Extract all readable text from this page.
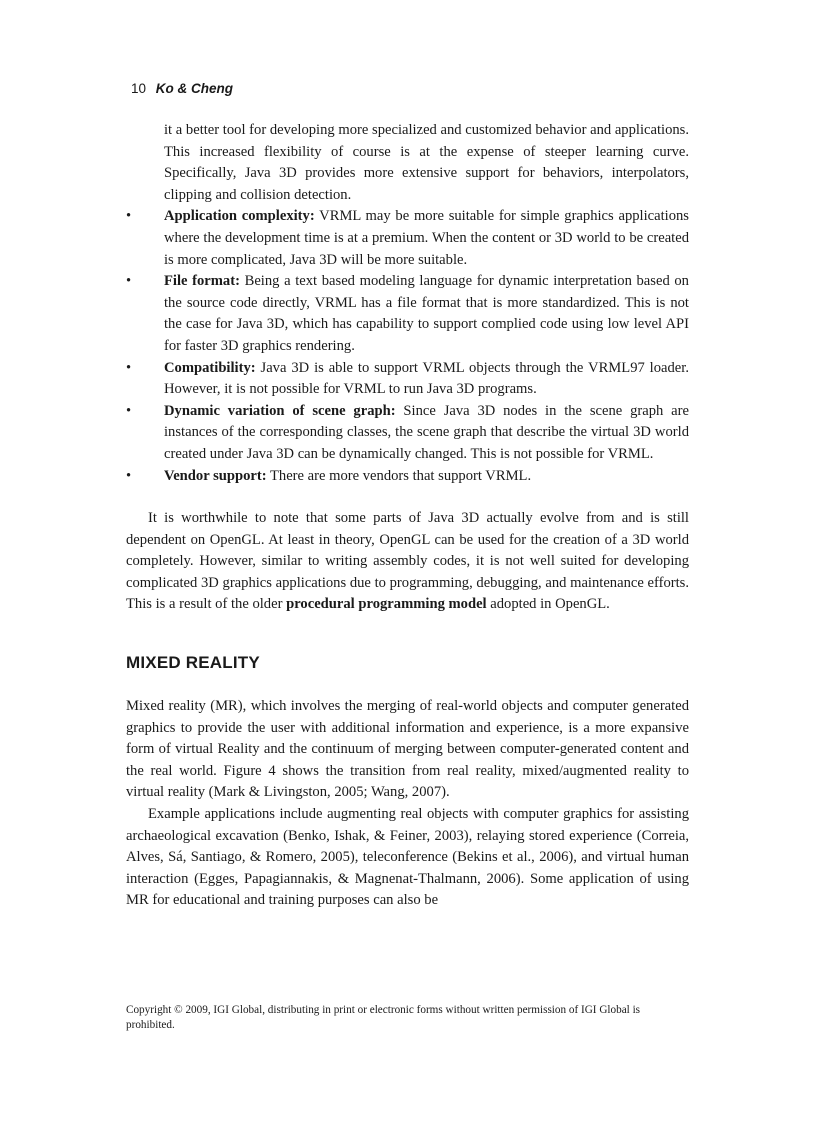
10 Ko & Cheng
it a better tool for developing more specialized and customized behavior and applications. This increased flexibility of course is at the expense of steeper learning curve. Specifically, Java 3D provides more extensive support for behaviors, interpolators, clipping and collision detection.
•	Application complexity: VRML may be more suitable for simple graphics applications where the development time is at a premium. When the content or 3D world to be created is more complicated, Java 3D will be more suitable.
•	File format: Being a text based modeling language for dynamic interpretation based on the source code directly, VRML has a file format that is more standardized. This is not the case for Java 3D, which has capability to support complied code using low level API for faster 3D graphics rendering.
•	Compatibility: Java 3D is able to support VRML objects through the VRML97 loader. However, it is not possible for VRML to run Java 3D programs.
•	Dynamic variation of scene graph: Since Java 3D nodes in the scene graph are instances of the corresponding classes, the scene graph that describe the virtual 3D world created under Java 3D can be dynamically changed. This is not possible for VRML.
•	Vendor support: There are more vendors that support VRML.

It is worthwhile to note that some parts of Java 3D actually evolve from and is still dependent on OpenGL. At least in theory, OpenGL can be used for the creation of a 3D world completely. However, similar to writing assembly codes, it is not well suited for developing complicated 3D graphics applications due to programming, debugging, and maintenance efforts. This is a result of the older procedural programming model adopted in OpenGL.

MIXED REALITY

Mixed reality (MR), which involves the merging of real-world objects and computer generated graphics to provide the user with additional information and experience, is a more expansive form of virtual Reality and the continuum of merging between computer-generated content and the real world. Figure 4 shows the transition from real reality, mixed/augmented reality to virtual reality (Mark & Livingston, 2005; Wang, 2007).

Example applications include augmenting real objects with computer graphics for assisting archaeological excavation (Benko, Ishak, & Feiner, 2003), relaying stored experience (Correia, Alves, Sá, Santiago, & Romero, 2005), teleconference (Bekins et al., 2006), and virtual human interaction (Egges, Papagiannakis, & Magnenat-Thalmann, 2006). Some application of using MR for educational and training purposes can also be

Copyright © 2009, IGI Global, distributing in print or electronic forms without written permission of IGI Global is prohibited.
